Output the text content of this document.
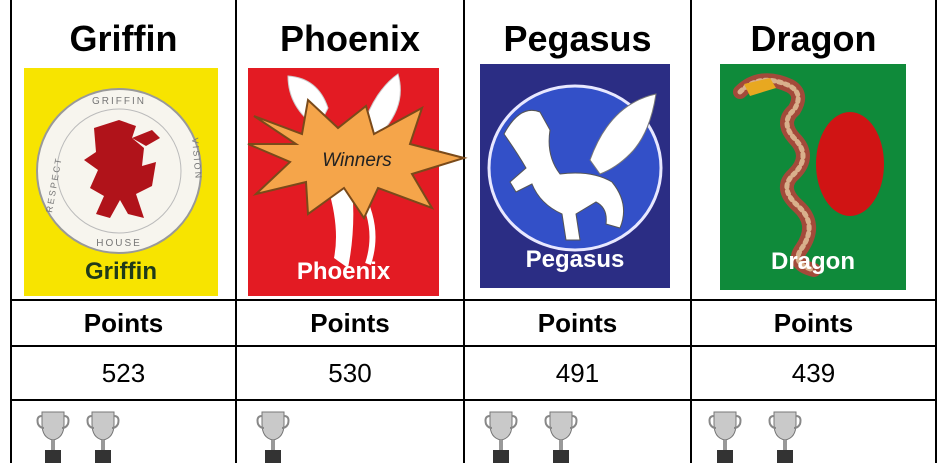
Griffin
GRIFFIN
HOUSE
RESPECT	VISION
Griffin
Points
523
Phoenix
Phoenix
Winners
Points
530
Pegasus
Pegasus
Points
491
Dragon
Dragon
Points
439
